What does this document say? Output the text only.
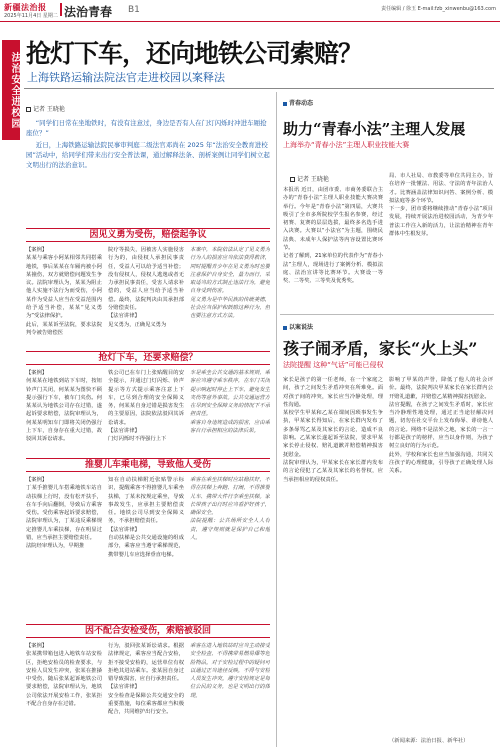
新疆法治报
2025年11月4日 星期二 法治青春 B1	责任编辑 / 徐玉 E-mail:fzb_xinwenbu@163.com
法治安全进校园 抢灯下车，还向地铁公司索赔？
上海铁路运输法院法官走进校园以案释法
记者 王晓艳

“同学们日常在坐地铁时，有没有注意过，身边是否有人在门灯闪烁时冲进车厢抢座位？”

近日，上海铁路运输法院民事审判庭二级法官邓尚在 2025 年“法治安全教育进校园”活动中，给同学们带来出行安全普法课，通过解释法条、剖析案例让同学们树立起文明出行的法治意识。

因见义勇为受伤，赔偿起争议
【案例】
某某与乘客小阿某相邻共同搭乘地铁，事后某某在车厢内被小阿某撞伤，双方就赔偿问题发生争议。法院审理认为，某某为阻止他人实施不法行为而受伤，小阿某作为受益人应当在受益范围内给予适当补偿，某某“见义勇为”受法律保护。
此后，某某诉至法院，要求法院判令被告赔偿医
院疗等损失，因被害人实施侵害行为的，由侵权人承担民事责任，受益人可以给予适当补偿；没有侵权人，侵权人逃逸或者无力承担民事责任，受害人请求补偿的，受益人应当给予适当补偿。最终，法院判决由其承担部分赔偿责任。
【法官讲律】
见义勇为，正确见义勇为
本案中，本院依法认定了见义勇为行为人的损害应当依法获得救济，同时提醒青少年在见义勇为时也要注意保护自身安全，量力而行，采取适当的方式制止违法行为，避免自身受到伤害。
见义勇为是中华民族的传统美德，社会应当保护和鼓励这种行为，但也要注意方式方法。
抢灯下车，还要求赔偿？
【案例】
何某某在地铁到站下车时，按钮铃声门关闭，何某某为图快不顾提示强行下车，被车门夹伤。何某某认为地铁公司存在过错，遂起诉要求赔偿，法院审理认为，何某某明知车门即将关闭仍强行上下车，自身存在重大过错，故驳回其诉讼请求。
铁公司已在车门上张贴醒目的安全提示，并通过门灯闪烁、铃声提示等方式提示乘客注意上下车，已尽到合理的安全保障义务，何某某自身过错是损害发生的主要原因，法院依法驳回其诉讼请求。
【法官讲律】
门灯闪烁时不得强行上下
车是乘坐公共交通的基本规则，乘客应当遵守乘车秩序，在车门关闭提示响起时停止上下车，避免发生夹伤等意外事故。公共交通运营方在尽到安全保障义务的情况下不承担责任。
乘客自身违规造成的损害，应由乘客自行承担相应的法律后果。
推婴儿车乘电梯，导致他人受伤
【案例】
丁某手推婴儿车搭乘地铁车站自动扶梯上行时，没有松开扶手，在车手向后翻倒，导致后方乘客受伤。受伤乘客起诉要求赔偿，法院审理认为，丁某违反乘梯规定推婴儿车乘扶梯，存在明显过错，应当承担主要赔偿责任。
法院经审理认为，早期推
知在自动扶梯附近张贴警示标识，提醒乘客不得推婴儿车乘坐扶梯，丁某未按规定乘坐，导致事故发生，应承担主要赔偿责任。地铁公司尽到安全保障义务，不承担赔偿责任。
【法官讲律】
自动扶梯是公共交通设施的组成部分，乘客应当遵守乘梯规范，携带婴儿车应选择垂直电梯。
乘客在乘坐扶梯时应站稳扶好，不得在扶梯上奔跑、打闹，不得推婴儿车、携带大件行李乘坐扶梯。家长带孩子出行时应当看护好孩子，确保安全。
法院提醒：公共场所安全人人有责，遵守规则就是保护自己和他人。
因不配合安检受伤，索赔被驳回
【案例】
张某携带箱包进入地铁车站安检区，拒绝安检员的检查要求，与安检人员发生冲突，张某在推搡中受伤，随后张某起诉地铁公司要求赔偿，法院审理认为，地铁公司依法开展安检工作，张某拒不配合自身存在过错。
行为，驳回张某诉讼请求。根据法律规定，乘客应当配合安检，拒不接受安检的，运营单位有权拒绝其进站乘车。张某因自身过错导致损害，应自行承担责任。
【法官讲律】
安全检查是保障公共交通安全的重要措施，每位乘客都应当积极配合，共同维护出行安全。
乘客在进入地铁站时应当主动接受安全检查，不得携带易燃易爆等危险物品。对于安检过程中的疑问可以通过正当途径反映，不得与安检人员发生冲突。遵守安检规定是每位公民的义务，也是文明出行的体现。
青春动态
助力“青春小法”主理人发展
上海举办“青春小法”主理人职业技能大赛
记者 王晓艳
本报讯 近日，由团市委、市商务委联合主办的“青春小法”主理人职业技能大赛决赛举行。今年是“青春小法”第四届，大赛共吸引了全市多所院校学生报名参赛，经过初赛、复赛的层层选拔，最终多名选手进入决赛。大赛以“小法官”为主题，围绕民法典、未成年人保护法等内容设置比赛环节。
记者了解到，21家单位的代表作为“青春小法”主理人，现场进行了案例分析、模拟法庭、法治宣讲等比赛环节。大赛设一等奖、二等奖、三等奖及优秀奖。
局、市人社局、市教委等单位共同主办，旨在培养一批懂法、用法、守法的青年法治人才。比赛涵盖法律知识问答、案例分析、模拟法庭等多个环节。
下一步，团市委将继续推动“青春小法”项目发展，持续开展法治进校园活动，为青少年普法工作注入新的活力，让法治精神在青年群体中生根发芽。
以案说法
孩子闹矛盾，家长“火上头”
法院提醒 这种“气话”可能已侵权
家长是孩子的第一任老师，在一个家庭之间，孩子之间发生矛盾冲突在所难免。面对孩子间的冲突，家长应当冷静处理，理性沟通。
某校学生甲某和乙某在课间因琐事发生争执，甲某家长得知后，在家长群内发布了多条辱骂乙某及其家长的言论，造成不良影响。乙某家长遂起诉至法院，要求甲某家长停止侵权、赔礼道歉并赔偿精神损害抚慰金。
法院审理认为，甲某家长在家长群内发布的言论侵犯了乙某及其家长的名誉权，应当承担相应的侵权责任。
影响了甲某的声誉，降低了他人的社会评价。最终，法院判决甲某家长在家长群内公开赔礼道歉，并赔偿乙某精神损害抚慰金。
法官提醒，在孩子之间发生矛盾时，家长应当冷静理性地处理，通过正当途径解决问题，切勿在社交平台上发布侮辱、诽谤他人的言论。网络不是法外之地，家长的一言一行都是孩子的榜样，应当以身作则，为孩子树立良好的行为示范。
此外，学校和家长也应当加强沟通，共同关注孩子的心理健康，引导孩子正确处理人际关系。
（新闻来源：法治日报、新华社）
